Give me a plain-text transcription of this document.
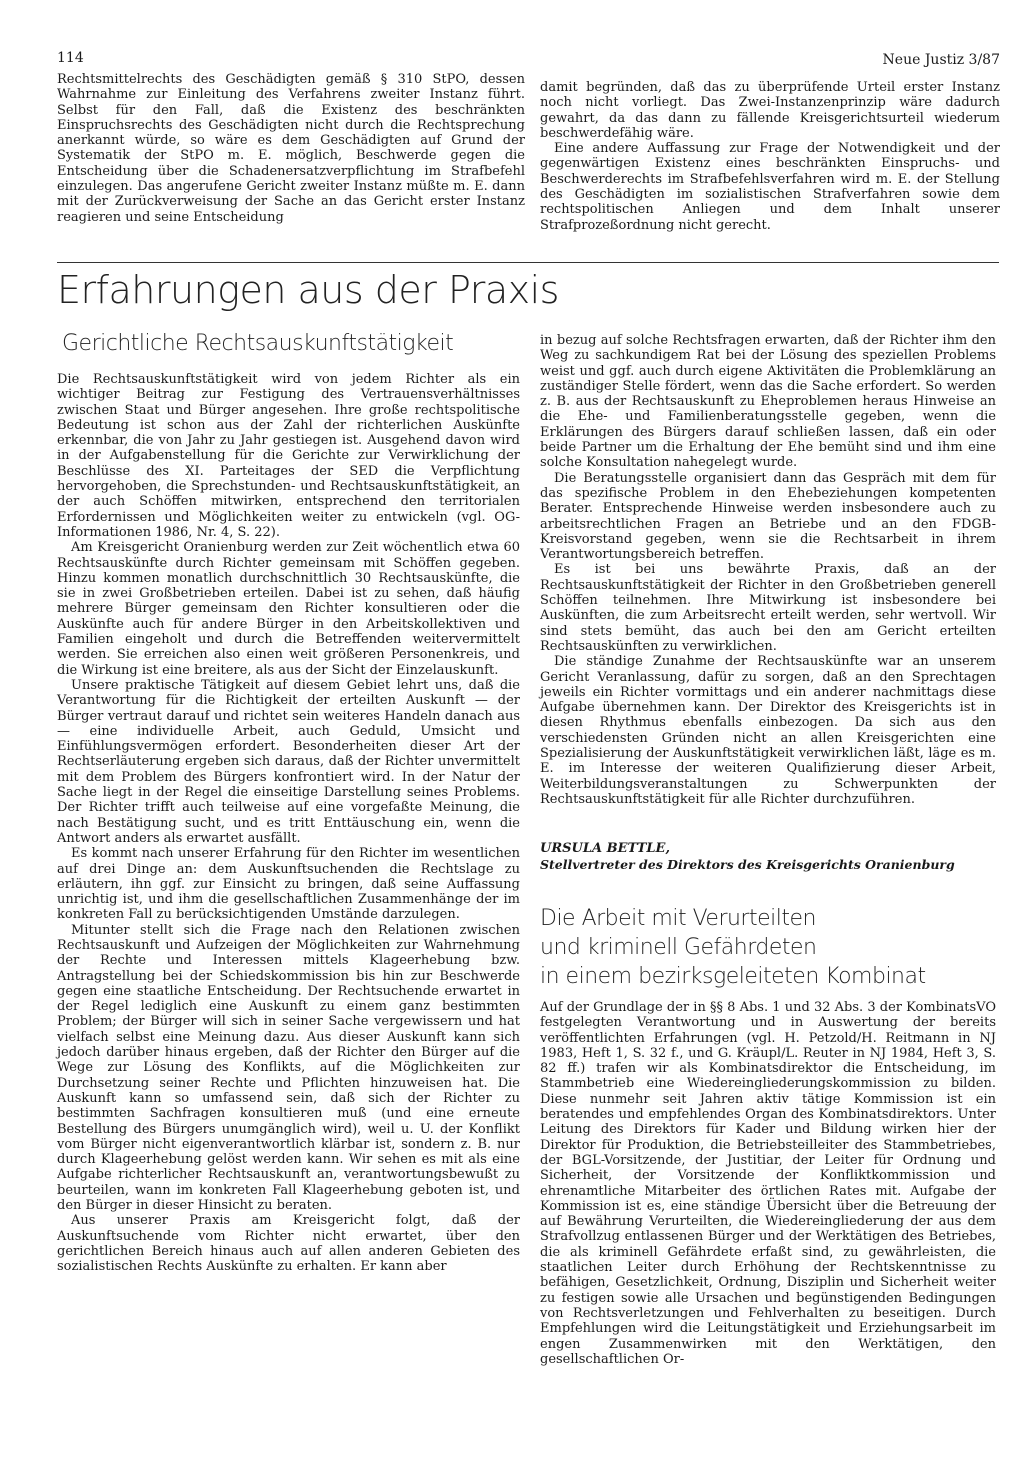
114	Neue Justiz 3/87

Rechtsmittelrechts des Geschädigten gemäß § 310 StPO, dessen Wahrnahme zur Einleitung des Verfahrens zweiter Instanz führt. Selbst für den Fall, daß die Existenz des beschränkten Einspruchsrechts des Geschädigten nicht durch die Rechtsprechung anerkannt würde, so wäre es dem Geschädigten auf Grund der Systematik der StPO m. E. möglich, Beschwerde gegen die Entscheidung über die Schadenersatzverpflichtung im Strafbefehl einzulegen. Das angerufene Gericht zweiter Instanz müßte m. E. dann mit der Zurückverweisung der Sache an das Gericht erster Instanz reagieren und seine Entscheidung

damit begründen, daß das zu überprüfende Urteil erster Instanz noch nicht vorliegt. Das Zwei-Instanzenprinzip wäre dadurch gewahrt, da das dann zu fällende Kreisgerichtsurteil wiederum beschwerdefähig wäre.

Eine andere Auffassung zur Frage der Notwendigkeit und der gegenwärtigen Existenz eines beschränkten Einspruchs- und Beschwerderechts im Strafbefehlsverfahren wird m. E. der Stellung des Geschädigten im sozialistischen Strafverfahren sowie dem rechtspolitischen Anliegen und dem Inhalt unserer Strafprozeßordnung nicht gerecht.

Erfahrungen aus der Praxis
Gerichtliche Rechtsauskunftstätigkeit

Die Rechtsauskunftstätigkeit wird von jedem Richter als ein wichtiger Beitrag zur Festigung des Vertrauensverhältnisses zwischen Staat und Bürger angesehen. Ihre große rechtspolitische Bedeutung ist schon aus der Zahl der richterlichen Auskünfte erkennbar, die von Jahr zu Jahr gestiegen ist. Ausgehend davon wird in der Aufgabenstellung für die Gerichte zur Verwirklichung der Beschlüsse des XI. Parteitages der SED die Verpflichtung hervorgehoben, die Sprechstunden- und Rechtsauskunftstätigkeit, an der auch Schöffen mitwirken, entsprechend den territorialen Erfordernissen und Möglichkeiten weiter zu entwickeln (vgl. OG-Informationen 1986, Nr. 4, S. 22).

Am Kreisgericht Oranienburg werden zur Zeit wöchentlich etwa 60 Rechtsauskünfte durch Richter gemeinsam mit Schöffen gegeben. Hinzu kommen monatlich durchschnittlich 30 Rechtsauskünfte, die sie in zwei Großbetrieben erteilen. Dabei ist zu sehen, daß häufig mehrere Bürger gemeinsam den Richter konsultieren oder die Auskünfte auch für andere Bürger in den Arbeitskollektiven und Familien eingeholt und durch die Betreffenden weitervermittelt werden. Sie erreichen also einen weit größeren Personenkreis, und die Wirkung ist eine breitere, als aus der Sicht der Einzelauskunft.

Unsere praktische Tätigkeit auf diesem Gebiet lehrt uns, daß die Verantwortung für die Richtigkeit der erteilten Auskunft — der Bürger vertraut darauf und richtet sein weiteres Handeln danach aus — eine individuelle Arbeit, auch Geduld, Umsicht und Einfühlungsvermögen erfordert. Besonderheiten dieser Art der Rechtserläuterung ergeben sich daraus, daß der Richter unvermittelt mit dem Problem des Bürgers konfrontiert wird. In der Natur der Sache liegt in der Regel die einseitige Darstellung seines Problems. Der Richter trifft auch teilweise auf eine vorgefaßte Meinung, die nach Bestätigung sucht, und es tritt Enttäuschung ein, wenn die Antwort anders als erwartet ausfällt.

Es kommt nach unserer Erfahrung für den Richter im wesentlichen auf drei Dinge an: dem Auskunftsuchenden die Rechtslage zu erläutern, ihn ggf. zur Einsicht zu bringen, daß seine Auffassung unrichtig ist, und ihm die gesellschaftlichen Zusammenhänge der im konkreten Fall zu berücksichtigenden Umstände darzulegen.

Mitunter stellt sich die Frage nach den Relationen zwischen Rechtsauskunft und Aufzeigen der Möglichkeiten zur Wahrnehmung der Rechte und Interessen mittels Klageerhebung bzw. Antragstellung bei der Schiedskommission bis hin zur Beschwerde gegen eine staatliche Entscheidung. Der Rechtsuchende erwartet in der Regel lediglich eine Auskunft zu einem ganz bestimmten Problem; der Bürger will sich in seiner Sache vergewissern und hat vielfach selbst eine Meinung dazu. Aus dieser Auskunft kann sich jedoch darüber hinaus ergeben, daß der Richter den Bürger auf die Wege zur Lösung des Konflikts, auf die Möglichkeiten zur Durchsetzung seiner Rechte und Pflichten hinzuweisen hat. Die Auskunft kann so umfassend sein, daß sich der Richter zu bestimmten Sachfragen konsultieren muß (und eine erneute Bestellung des Bürgers unumgänglich wird), weil u. U. der Konflikt vom Bürger nicht eigenverantwortlich klärbar ist, sondern z. B. nur durch Klageerhebung gelöst werden kann. Wir sehen es mit als eine Aufgabe richterlicher Rechtsauskunft an, verantwortungsbewußt zu beurteilen, wann im konkreten Fall Klageerhebung geboten ist, und den Bürger in dieser Hinsicht zu beraten.

Aus unserer Praxis am Kreisgericht folgt, daß der Auskunftsuchende vom Richter nicht erwartet, über den gerichtlichen Bereich hinaus auch auf allen anderen Gebieten des sozialistischen Rechts Auskünfte zu erhalten. Er kann aber

in bezug auf solche Rechtsfragen erwarten, daß der Richter ihm den Weg zu sachkundigem Rat bei der Lösung des speziellen Problems weist und ggf. auch durch eigene Aktivitäten die Problemklärung an zuständiger Stelle fördert, wenn das die Sache erfordert. So werden z. B. aus der Rechtsauskunft zu Eheproblemen heraus Hinweise an die Ehe- und Familienberatungsstelle gegeben, wenn die Erklärungen des Bürgers darauf schließen lassen, daß ein oder beide Partner um die Erhaltung der Ehe bemüht sind und ihm eine solche Konsultation nahegelegt wurde.

Die Beratungsstelle organisiert dann das Gespräch mit dem für das spezifische Problem in den Ehebeziehungen kompetenten Berater. Entsprechende Hinweise werden insbesondere auch zu arbeitsrechtlichen Fragen an Betriebe und an den FDGB-Kreisvorstand gegeben, wenn sie die Rechtsarbeit in ihrem Verantwortungsbereich betreffen.

Es ist bei uns bewährte Praxis, daß an der Rechtsauskunftstätigkeit der Richter in den Großbetrieben generell Schöffen teilnehmen. Ihre Mitwirkung ist insbesondere bei Auskünften, die zum Arbeitsrecht erteilt werden, sehr wertvoll. Wir sind stets bemüht, das auch bei den am Gericht erteilten Rechtsauskünften zu verwirklichen.

Die ständige Zunahme der Rechtsauskünfte war an unserem Gericht Veranlassung, dafür zu sorgen, daß an den Sprechtagen jeweils ein Richter vormittags und ein anderer nachmittags diese Aufgabe übernehmen kann. Der Direktor des Kreisgerichts ist in diesen Rhythmus ebenfalls einbezogen. Da sich aus den verschiedensten Gründen nicht an allen Kreisgerichten eine Spezialisierung der Auskunftstätigkeit verwirklichen läßt, läge es m. E. im Interesse der weiteren Qualifizierung dieser Arbeit, Weiterbildungsveranstaltungen zu Schwerpunkten der Rechtsauskunftstätigkeit für alle Richter durchzuführen.

URSULA BETTLE,
Stellvertreter des Direktors des Kreisgerichts Oranienburg
Die Arbeit mit Verurteilten
und kriminell Gefährdeten
in einem bezirksgeleiteten Kombinat

Auf der Grundlage der in §§ 8 Abs. 1 und 32 Abs. 3 der KombinatsVO festgelegten Verantwortung und in Auswertung der bereits veröffentlichten Erfahrungen (vgl. H. Petzold/H. Reitmann in NJ 1983, Heft 1, S. 32 f., und G. Kräupl/L. Reuter in NJ 1984, Heft 3, S. 82 ff.) trafen wir als Kombinatsdirektor die Entscheidung, im Stammbetrieb eine Wiedereingliederungskommission zu bilden. Diese nunmehr seit Jahren aktiv tätige Kommission ist ein beratendes und empfehlendes Organ des Kombinatsdirektors. Unter Leitung des Direktors für Kader und Bildung wirken hier der Direktor für Produktion, die Betriebsteilleiter des Stammbetriebes, der BGL-Vorsitzende, der Justitiar, der Leiter für Ordnung und Sicherheit, der Vorsitzende der Konfliktkommission und ehrenamtliche Mitarbeiter des örtlichen Rates mit. Aufgabe der Kommission ist es, eine ständige Übersicht über die Betreuung der auf Bewährung Verurteilten, die Wiedereingliederung der aus dem Strafvollzug entlassenen Bürger und der Werktätigen des Betriebes, die als kriminell Gefährdete erfaßt sind, zu gewährleisten, die staatlichen Leiter durch Erhöhung der Rechtskenntnisse zu befähigen, Gesetzlichkeit, Ordnung, Disziplin und Sicherheit weiter zu festigen sowie alle Ursachen und begünstigenden Bedingungen von Rechtsverletzungen und Fehlverhalten zu beseitigen. Durch Empfehlungen wird die Leitungstätigkeit und Erziehungsarbeit im engen Zusammenwirken mit den Werktätigen, den gesellschaftlichen Or-
